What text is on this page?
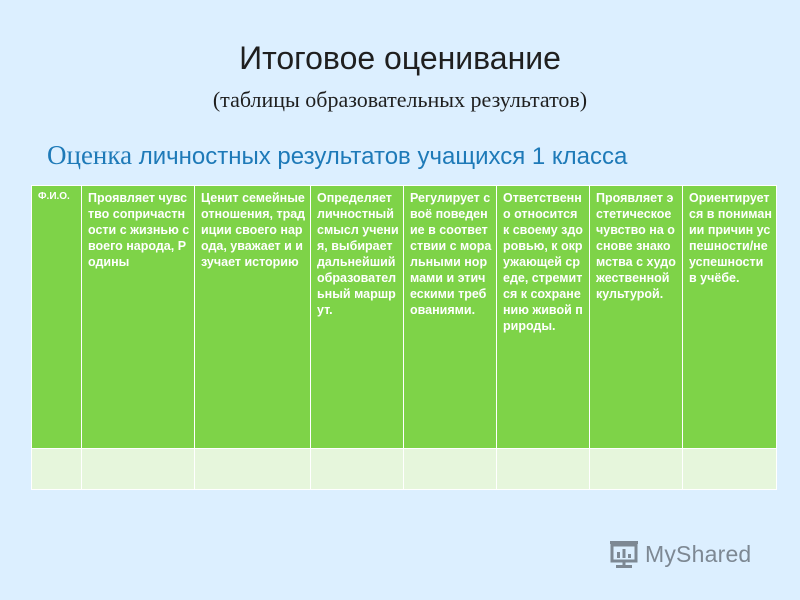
Итоговое оценивание
(таблицы образовательных результатов)
Оценка личностных результатов учащихся 1 класса
Ф.И.О.	Проявляет чувство сопричастности с жизнью своего народа, Родины	Ценит семейные отношения, традиции своего народа, уважает и изучает историю	Определяет личностный смысл учения, выбирает дальнейший образовательный маршрут.	Регулирует своё поведение в соответствии с моральными нормами и этическими требованиями.	Ответственно относится к своему здоровью, к окружающей среде, стремится к сохранению живой природы.	Проявляет эстетическое чувство на основе знакомства с художественной культурой.	Ориентируется в понимании причин успешности/неуспешности в учёбе.

MyShared
